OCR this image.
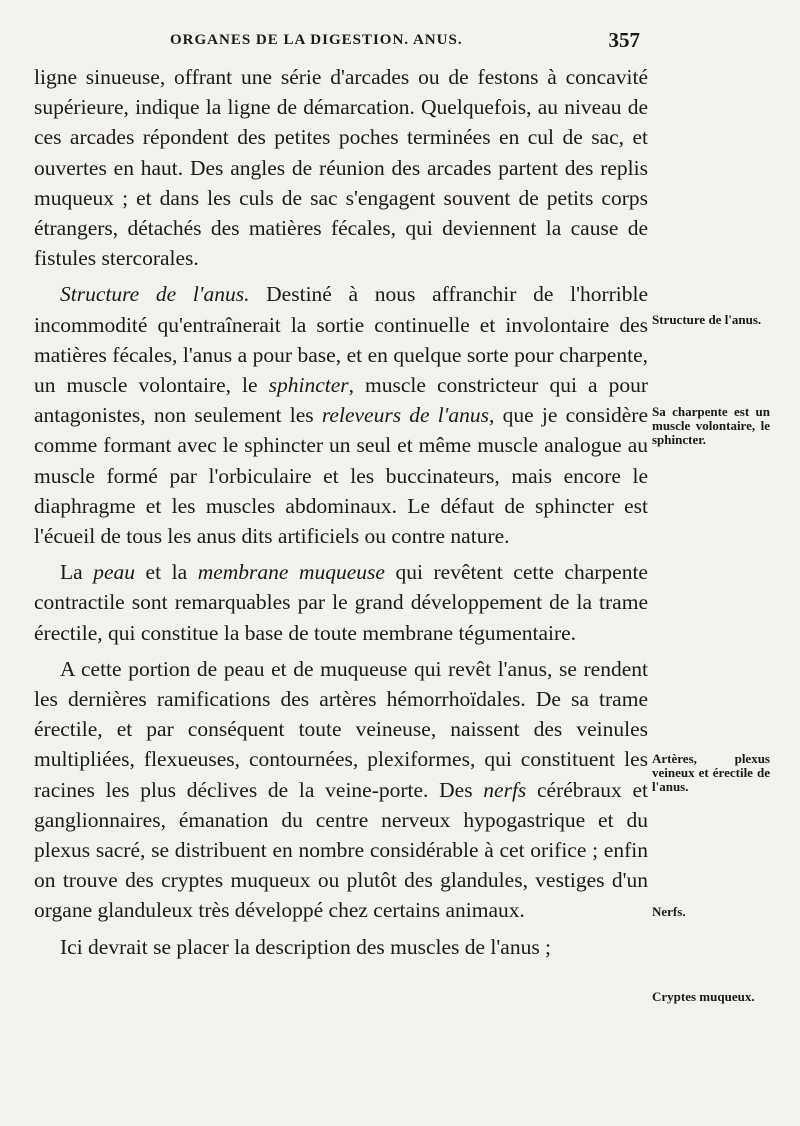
ORGANES DE LA DIGESTION. ANUS.	357

ligne sinueuse, offrant une série d'arcades ou de festons à concavité supérieure, indique la ligne de démarcation. Quelquefois, au niveau de ces arcades répondent des petites poches terminées en cul de sac, et ouvertes en haut. Des angles de réunion des arcades partent des replis muqueux ; et dans les culs de sac s'engagent souvent de petits corps étrangers, détachés des matières fécales, qui deviennent la cause de fistules stercorales.

Structure de l'anus. Destiné à nous affranchir de l'horrible incommodité qu'entraînerait la sortie continuelle et involontaire des matières fécales, l'anus a pour base, et en quelque sorte pour charpente, un muscle volontaire, le sphincter, muscle constricteur qui a pour antagonistes, non seulement les releveurs de l'anus, que je considère comme formant avec le sphincter un seul et même muscle analogue au muscle formé par l'orbiculaire et les buccinateurs, mais encore le diaphragme et les muscles abdominaux. Le défaut de sphincter est l'écueil de tous les anus dits artificiels ou contre nature.

La peau et la membrane muqueuse qui revêtent cette charpente contractile sont remarquables par le grand développement de la trame érectile, qui constitue la base de toute membrane tégumentaire.

A cette portion de peau et de muqueuse qui revêt l'anus, se rendent les dernières ramifications des artères hémorrhoïdales. De sa trame érectile, et par conséquent toute veineuse, naissent des veinules multipliées, flexueuses, contournées, plexiformes, qui constituent les racines les plus déclives de la veine-porte. Des nerfs cérébraux et ganglionnaires, émanation du centre nerveux hypogastrique et du plexus sacré, se distribuent en nombre considérable à cet orifice ; enfin on trouve des cryptes muqueux ou plutôt des glandules, vestiges d'un organe glanduleux très développé chez certains animaux.

Ici devrait se placer la description des muscles de l'anus ;

Structure de l'anus.
Sa charpente est un muscle volontaire, le sphincter.
Artères, plexus veineux et érectile de l'anus.
Nerfs.
Cryptes muqueux.
